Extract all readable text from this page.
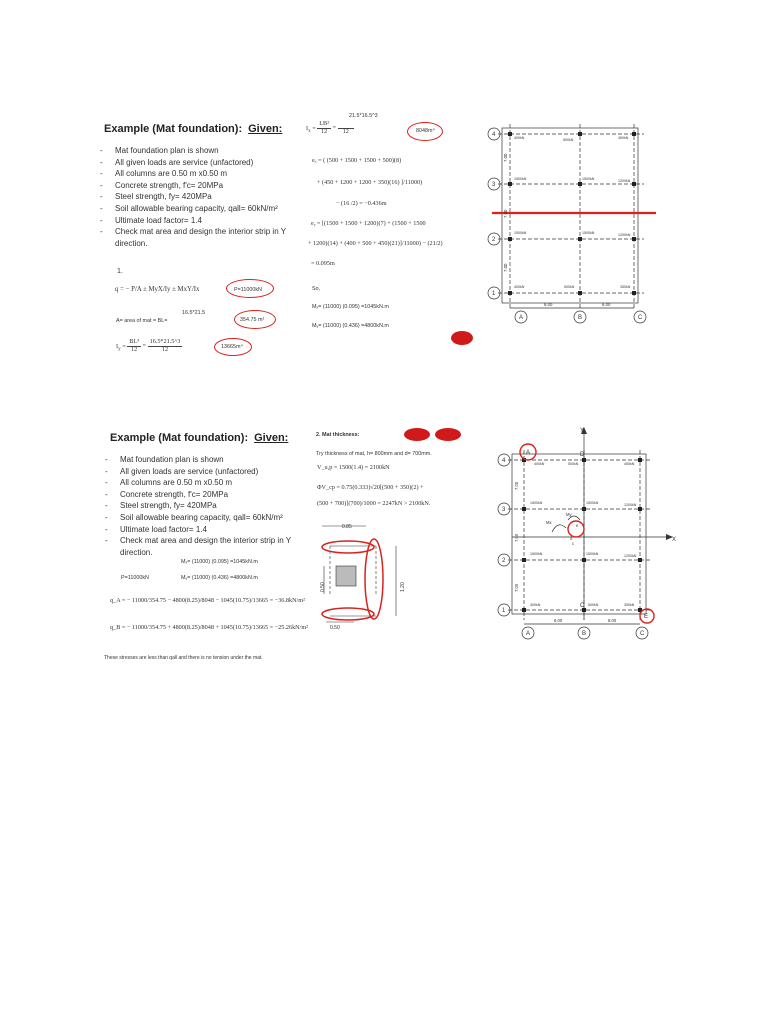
Example (Mat foundation): Given:
- Mat foundation plan is shown
- All given loads are service (unfactored)
- All columns are 0.50 m x0.50 m
- Concrete strength, f'c= 20MPa
- Steel strength, fy= 420MPa
- Soil allowable bearing capacity, qall= 60kN/m²
- Ultimate load factor= 1.4
- Check mat area and design the interior strip in Y direction.
1.
q = − P/A ± MyX/Iy ± MxY/Ix	P=11000kN
A= area of mat = BL=
16.5*21.5
354.75 m²
$I_y = \frac{\text{BL³}}{12} = \frac{16.5*21.5\^{}3}{12}$	13665m⁴
21.5*16.5^3
$I_x = \frac{\text{LB³}}{12}$ =
12	8048m⁴
eₓ = ( (500 + 1500 + 1500 + 500)(8)
+ (450 + 1200 + 1200 + 350)(16) ]/11000)
− (16 /2) = −0.436m
eᵧ = [(1500 + 1500 + 1200)(7) + (1500 + 1500
+ 1200)(14) + (400 + 500 + 450)(21)]/11000) − (21/2)
= 0.095m
So,
Mₓ= (11000) (0.095) =1045kN.m
Mᵧ= (11000) (0.436) =4800kN.m
4
3
2
1
A	B	C
8.00	8.00
7.00
7.00
7.00
400kN	500kN	450kN
1500kN	1500kN	1200kN
1500kN	1500kN	1200kN
400kN	500kN	350kN
Example (Mat foundation): Given:
- Mat foundation plan is shown
- All given loads are service (unfactored)
- All columns are 0.50 m x0.50 m
- Concrete strength, f'c= 20MPa
- Steel strength, fy= 420MPa
- Soil allowable bearing capacity, qall= 60kN/m²
- Ultimate load factor= 1.4
- Check mat area and design the interior strip in Y direction.
P=11000kN
Mₓ= (11000) (0.095) =1045kN.m
Mᵧ= (11000) (0.436) =4800kN.m
q_A = − 11000/354.75 − 4800(8.25)/8048 − 1045(10.75)/13665 = −36.8kN/m²
q_B = − 11000/354.75 + 4800(8.25)/8048 + 1045(10.75)/13665 = −25.26kN/m²
These stresses are less than qall and there is no tension under the mat.
2. Mat thickness:
Try thickness of mat, h= 800mm and d= 700mm.
V_u,p = 1500(1.4) = 2100kN
ΦV_cp = 0.75(0.333)√20[(500 + 350)(2) +
(500 + 700)](700)/1000 = 2247kN > 2100kN.
0.85
0.50	1.20
0.50
4
3
2
1
A	B	C
Y
X
D
C
A
E
Mx
My
c
o
e
8.00	8.00
7.00
7.00
7.00
400kN	500kN	450kN
1500kN	1500kN	1200kN
1500kN	1500kN	1200kN
400kN	500kN	350kN
